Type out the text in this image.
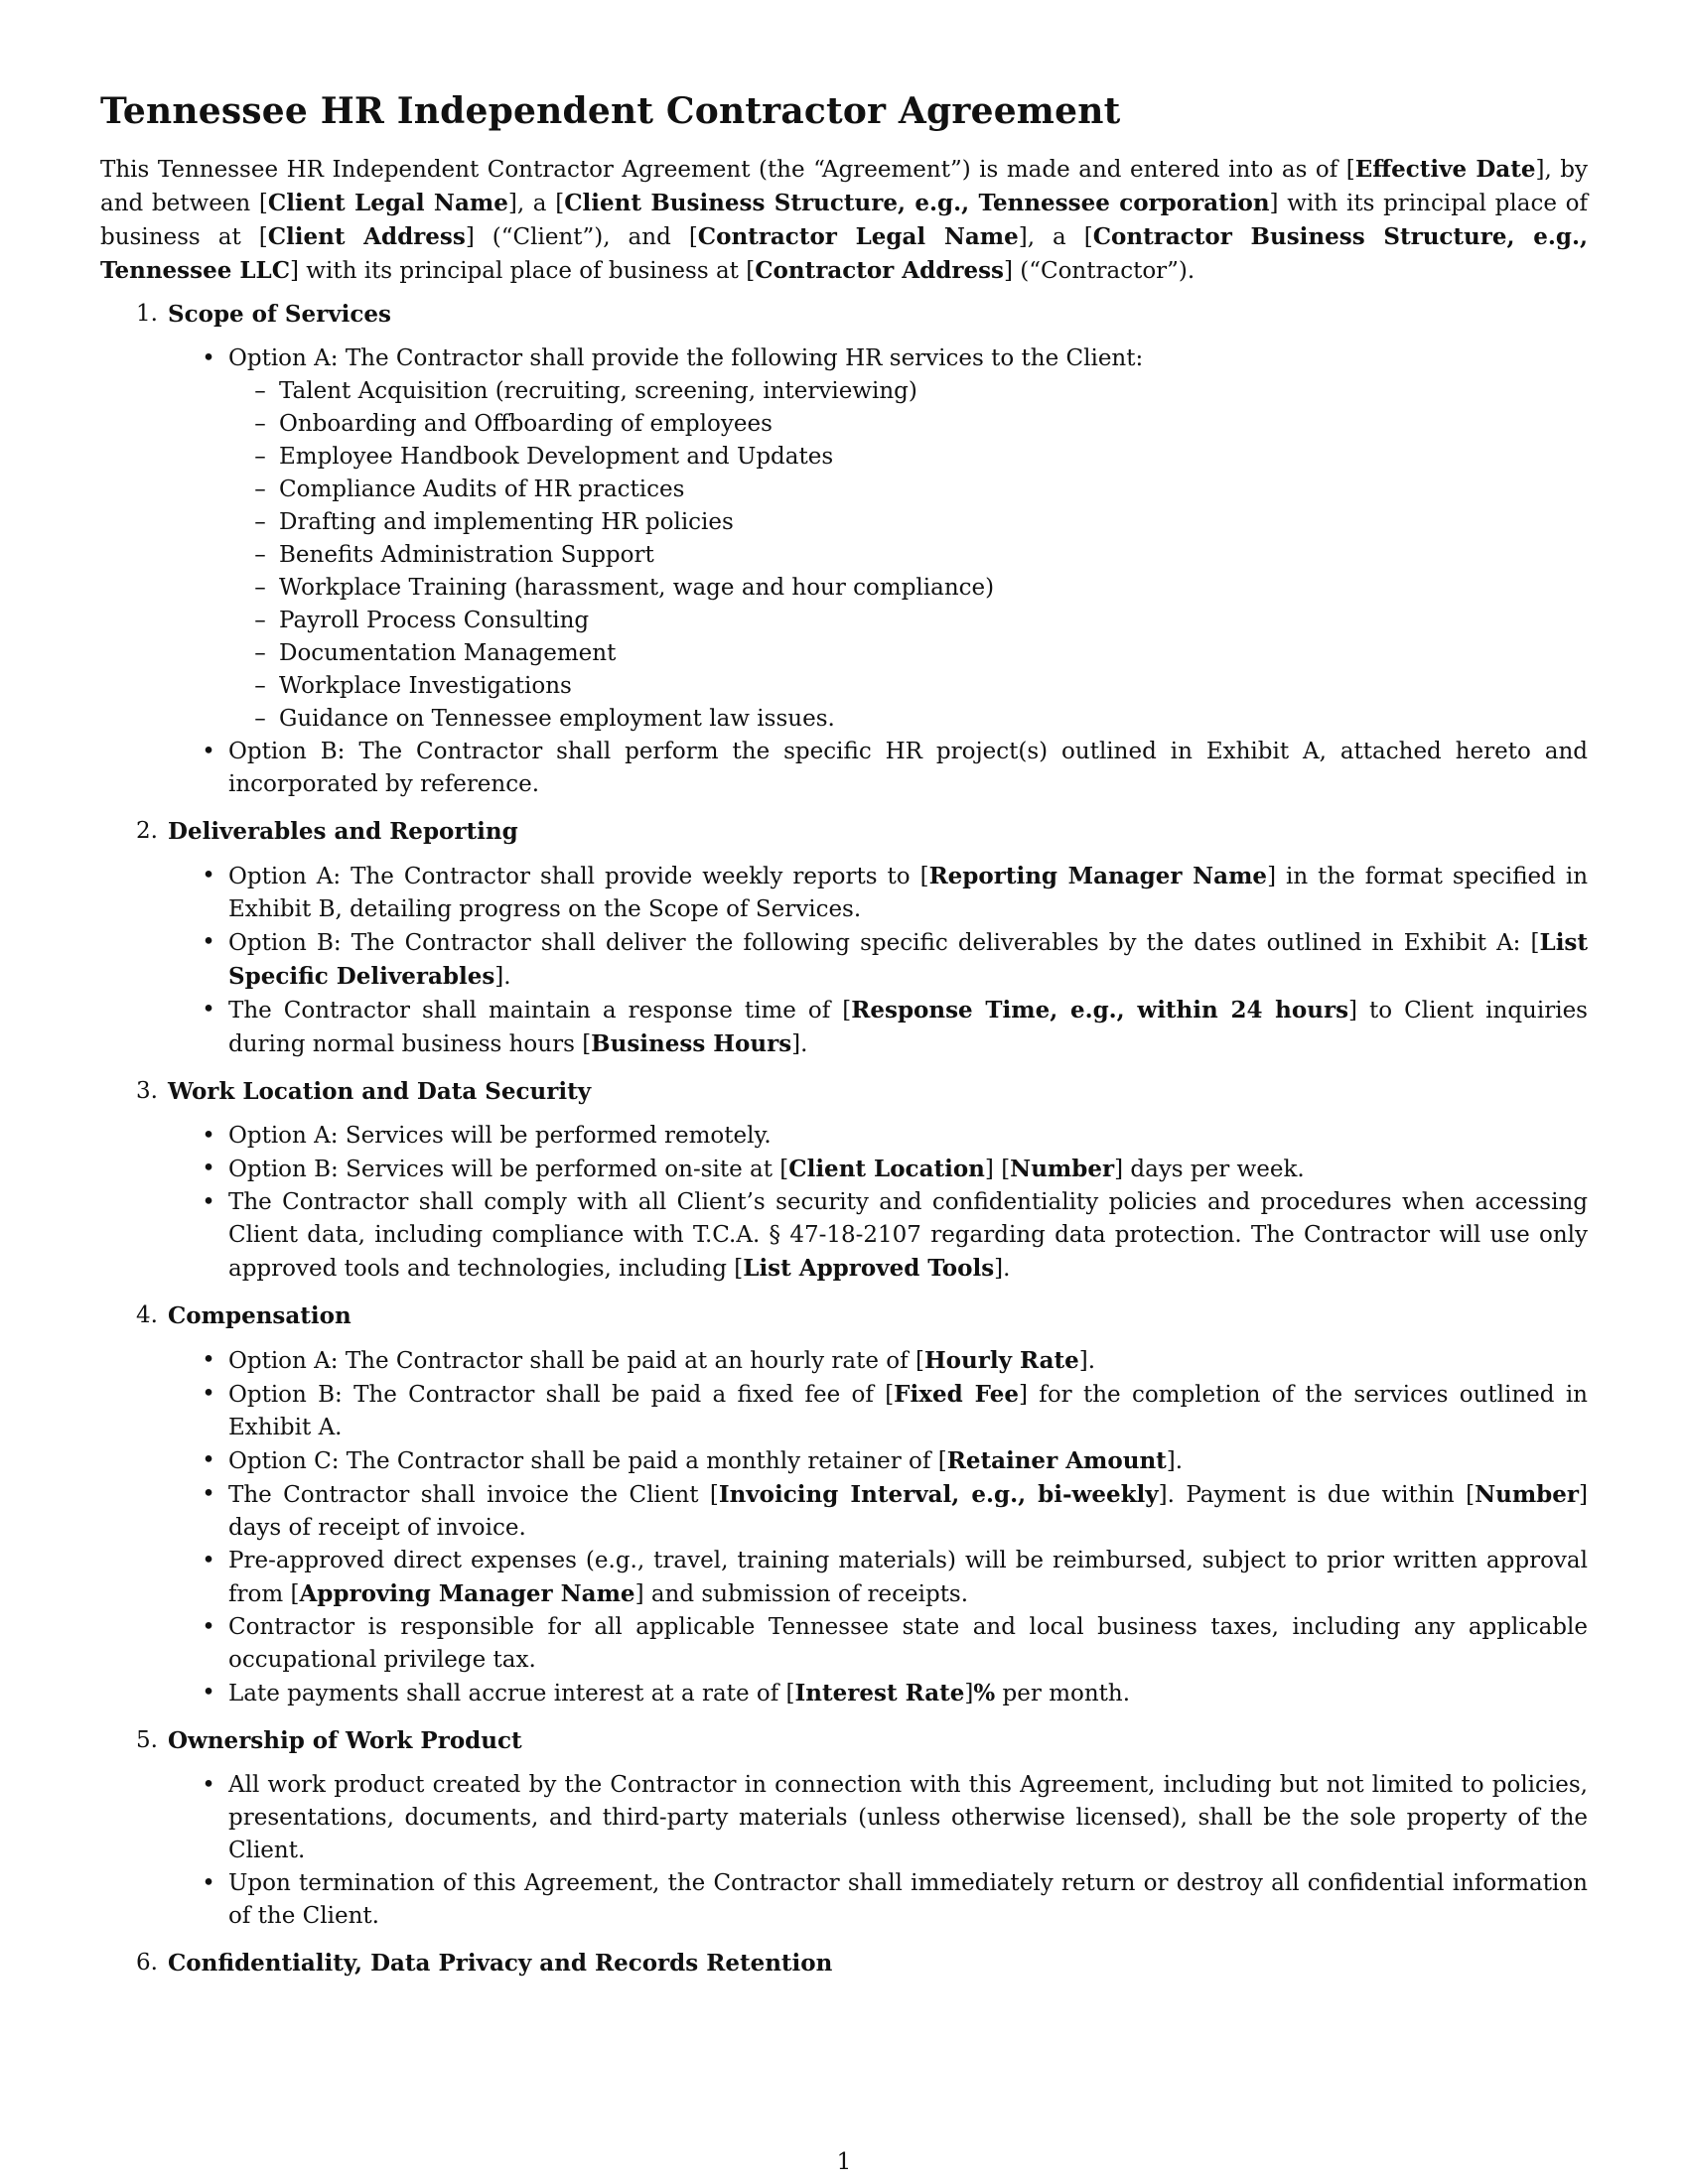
Tennessee HR Independent Contractor Agreement

This Tennessee HR Independent Contractor Agreement (the “Agreement”) is made and entered into as of [Effective Date], by and between [Client Legal Name], a [Client Business Structure, e.g., Tennessee corporation] with its principal place of business at [Client Address] (“Client”), and [Contractor Legal Name], a [Contractor Business Structure, e.g., Tennessee LLC] with its principal place of business at [Contractor Address] (“Contractor”).

1. Scope of Services
• Option A: The Contractor shall provide the following HR services to the Client:
– Talent Acquisition (recruiting, screening, interviewing)
– Onboarding and Offboarding of employees
– Employee Handbook Development and Updates
– Compliance Audits of HR practices
– Drafting and implementing HR policies
– Benefits Administration Support
– Workplace Training (harassment, wage and hour compliance)
– Payroll Process Consulting
– Documentation Management
– Workplace Investigations
– Guidance on Tennessee employment law issues.
• Option B: The Contractor shall perform the specific HR project(s) outlined in Exhibit A, attached hereto and incorporated by reference.
2. Deliverables and Reporting
• Option A: The Contractor shall provide weekly reports to [Reporting Manager Name] in the format specified in Exhibit B, detailing progress on the Scope of Services.
• Option B: The Contractor shall deliver the following specific deliverables by the dates outlined in Exhibit A: [List Specific Deliverables].
• The Contractor shall maintain a response time of [Response Time, e.g., within 24 hours] to Client inquiries during normal business hours [Business Hours].
3. Work Location and Data Security
• Option A: Services will be performed remotely.
• Option B: Services will be performed on-site at [Client Location] [Number] days per week.
• The Contractor shall comply with all Client’s security and confidentiality policies and procedures when accessing Client data, including compliance with T.C.A. § 47-18-2107 regarding data protection. The Contractor will use only approved tools and technologies, including [List Approved Tools].
4. Compensation
• Option A: The Contractor shall be paid at an hourly rate of [Hourly Rate].
• Option B: The Contractor shall be paid a fixed fee of [Fixed Fee] for the completion of the services outlined in Exhibit A.
• Option C: The Contractor shall be paid a monthly retainer of [Retainer Amount].
• The Contractor shall invoice the Client [Invoicing Interval, e.g., bi-weekly]. Payment is due within [Number] days of receipt of invoice.
• Pre-approved direct expenses (e.g., travel, training materials) will be reimbursed, subject to prior written approval from [Approving Manager Name] and submission of receipts.
• Contractor is responsible for all applicable Tennessee state and local business taxes, including any applicable occupational privilege tax.
• Late payments shall accrue interest at a rate of [Interest Rate]% per month.
5. Ownership of Work Product
• All work product created by the Contractor in connection with this Agreement, including but not limited to policies, presentations, documents, and third-party materials (unless otherwise licensed), shall be the sole property of the Client.
• Upon termination of this Agreement, the Contractor shall immediately return or destroy all confidential information of the Client.
6. Confidentiality, Data Privacy and Records Retention
1
